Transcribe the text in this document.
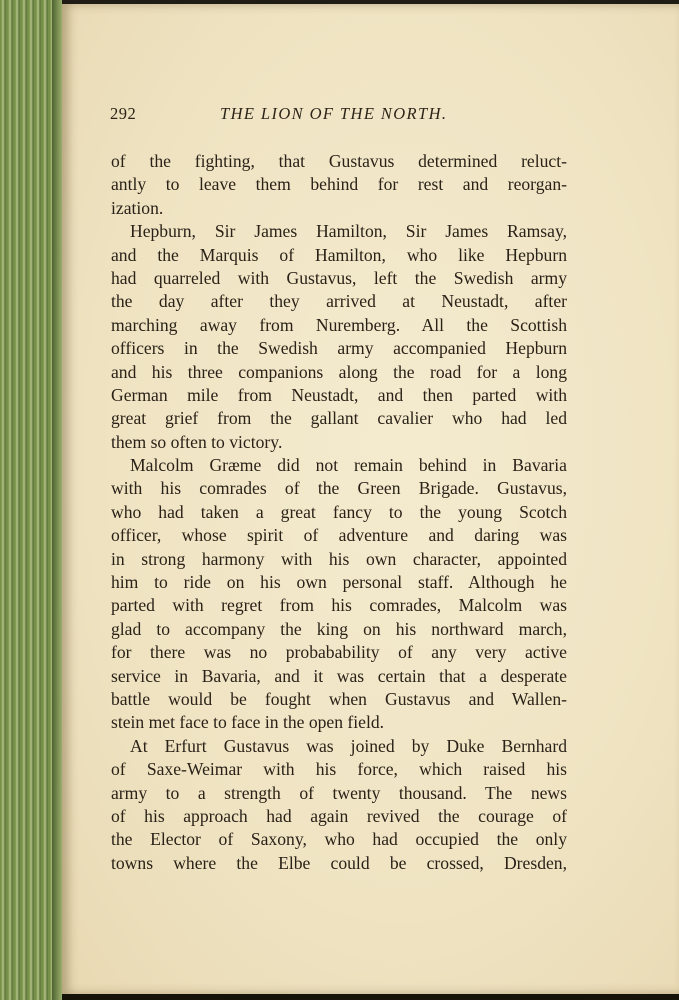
292	THE LION OF THE NORTH.
of the fighting, that Gustavus determined reluct-
antly to leave them behind for rest and reorgan-
ization.
Hepburn, Sir James Hamilton, Sir James Ramsay,
and the Marquis of Hamilton, who like Hepburn
had quarreled with Gustavus, left the Swedish army
the day after they arrived at Neustadt, after
marching away from Nuremberg. All the Scottish
officers in the Swedish army accompanied Hepburn
and his three companions along the road for a long
German mile from Neustadt, and then parted with
great grief from the gallant cavalier who had led
them so often to victory.
Malcolm Græme did not remain behind in Bavaria
with his comrades of the Green Brigade. Gustavus,
who had taken a great fancy to the young Scotch
officer, whose spirit of adventure and daring was
in strong harmony with his own character, appointed
him to ride on his own personal staff. Although he
parted with regret from his comrades, Malcolm was
glad to accompany the king on his northward march,
for there was no probabability of any very active
service in Bavaria, and it was certain that a desperate
battle would be fought when Gustavus and Wallen-
stein met face to face in the open field.
At Erfurt Gustavus was joined by Duke Bernhard
of Saxe-Weimar with his force, which raised his
army to a strength of twenty thousand. The news
of his approach had again revived the courage of
the Elector of Saxony, who had occupied the only
towns where the Elbe could be crossed, Dresden,
